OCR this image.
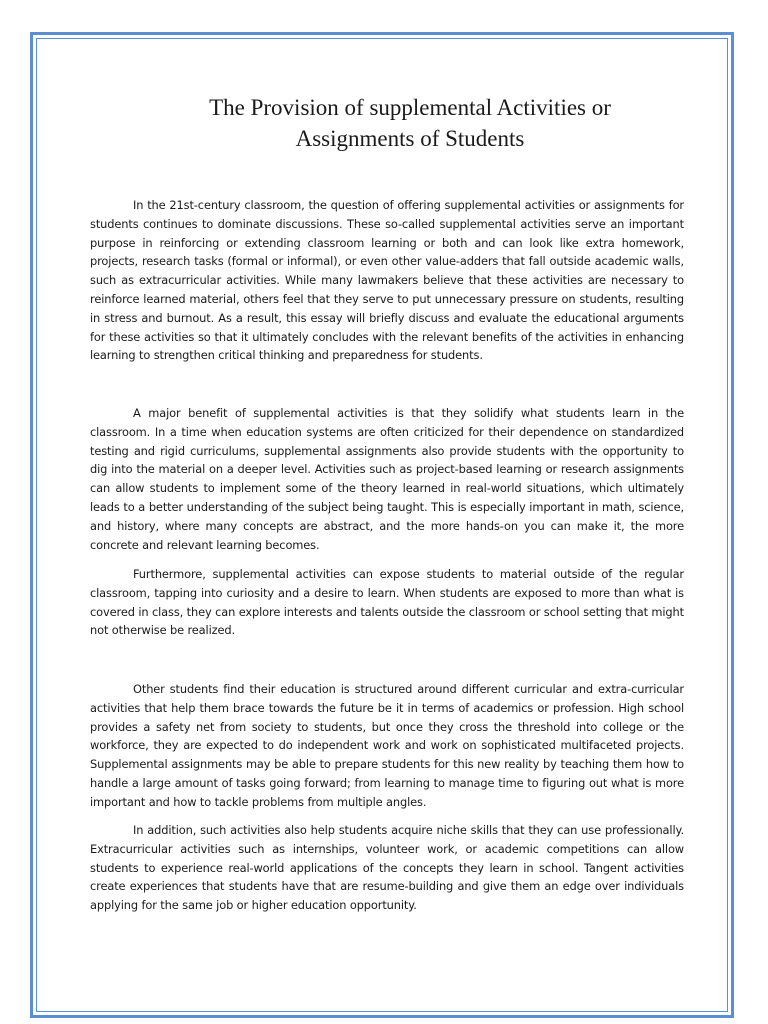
The Provision of supplemental Activities or
Assignments of Students

In the 21st-century classroom, the question of offering supplemental activities or assignments for students continues to dominate discussions. These so-called supplemental activities serve an important purpose in reinforcing or extending classroom learning or both and can look like extra homework, projects, research tasks (formal or informal), or even other value-adders that fall outside academic walls, such as extracurricular activities. While many lawmakers believe that these activities are necessary to reinforce learned material, others feel that they serve to put unnecessary pressure on students, resulting in stress and burnout. As a result, this essay will briefly discuss and evaluate the educational arguments for these activities so that it ultimately concludes with the relevant benefits of the activities in enhancing learning to strengthen critical thinking and preparedness for students.

A major benefit of supplemental activities is that they solidify what students learn in the classroom. In a time when education systems are often criticized for their dependence on standardized testing and rigid curriculums, supplemental assignments also provide students with the opportunity to dig into the material on a deeper level. Activities such as project-based learning or research assignments can allow students to implement some of the theory learned in real-world situations, which ultimately leads to a better understanding of the subject being taught. This is especially important in math, science, and history, where many concepts are abstract, and the more hands-on you can make it, the more concrete and relevant learning becomes.

Furthermore, supplemental activities can expose students to material outside of the regular classroom, tapping into curiosity and a desire to learn. When students are exposed to more than what is covered in class, they can explore interests and talents outside the classroom or school setting that might not otherwise be realized.

Other students find their education is structured around different curricular and extra-curricular activities that help them brace towards the future be it in terms of academics or profession. High school provides a safety net from society to students, but once they cross the threshold into college or the workforce, they are expected to do independent work and work on sophisticated multifaceted projects. Supplemental assignments may be able to prepare students for this new reality by teaching them how to handle a large amount of tasks going forward; from learning to manage time to figuring out what is more important and how to tackle problems from multiple angles.

In addition, such activities also help students acquire niche skills that they can use professionally. Extracurricular activities such as internships, volunteer work, or academic competitions can allow students to experience real-world applications of the concepts they learn in school. Tangent activities create experiences that students have that are resume-building and give them an edge over individuals applying for the same job or higher education opportunity.
